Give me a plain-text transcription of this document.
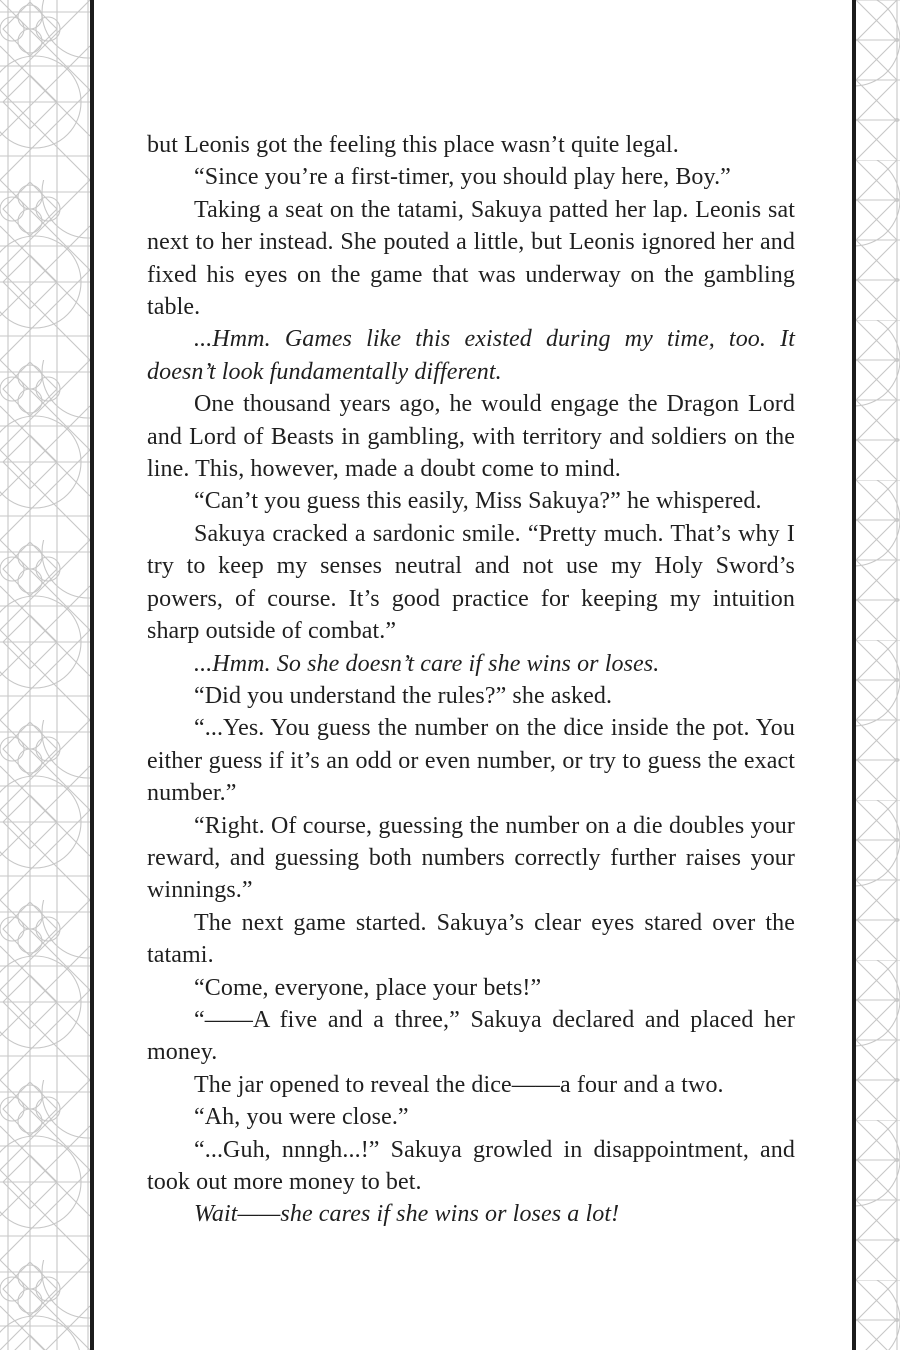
but Leonis got the feeling this place wasn’t quite legal.

“Since you’re a first-timer, you should play here, Boy.”

Taking a seat on the tatami, Sakuya patted her lap. Leonis sat next to her instead. She pouted a little, but Leonis ignored her and fixed his eyes on the game that was underway on the gambling table.

...Hmm. Games like this existed during my time, too. It doesn’t look fundamentally different.

One thousand years ago, he would engage the Dragon Lord and Lord of Beasts in gambling, with territory and soldiers on the line. This, however, made a doubt come to mind.

“Can’t you guess this easily, Miss Sakuya?” he whispered.

Sakuya cracked a sardonic smile. “Pretty much. That’s why I try to keep my senses neutral and not use my Holy Sword’s powers, of course. It’s good practice for keeping my intuition sharp outside of combat.”

...Hmm. So she doesn’t care if she wins or loses.

“Did you understand the rules?” she asked.

“...Yes. You guess the number on the dice inside the pot. You either guess if it’s an odd or even number, or try to guess the exact number.”

“Right. Of course, guessing the number on a die doubles your reward, and guessing both numbers correctly further raises your winnings.”

The next game started. Sakuya’s clear eyes stared over the tatami.

“Come, everyone, place your bets!”

“——A five and a three,” Sakuya declared and placed her money.

The jar opened to reveal the dice——a four and a two.

“Ah, you were close.”

“...Guh, nnngh...!” Sakuya growled in disappointment, and took out more money to bet.

Wait——she cares if she wins or loses a lot!
